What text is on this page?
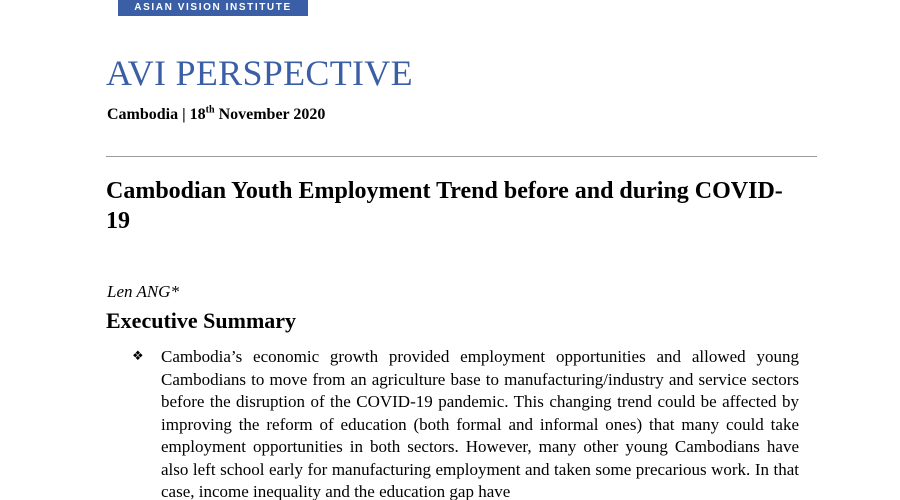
ASIAN VISION INSTITUTE
AVI PERSPECTIVE
Cambodia | 18th November 2020
Cambodian Youth Employment Trend before and during COVID-19
Len ANG*
Executive Summary
❖ Cambodia’s economic growth provided employment opportunities and allowed young Cambodians to move from an agriculture base to manufacturing/industry and service sectors before the disruption of the COVID-19 pandemic. This changing trend could be affected by improving the reform of education (both formal and informal ones) that many could take employment opportunities in both sectors. However, many other young Cambodians have also left school early for manufacturing employment and taken some precarious work. In that case, income inequality and the education gap have
